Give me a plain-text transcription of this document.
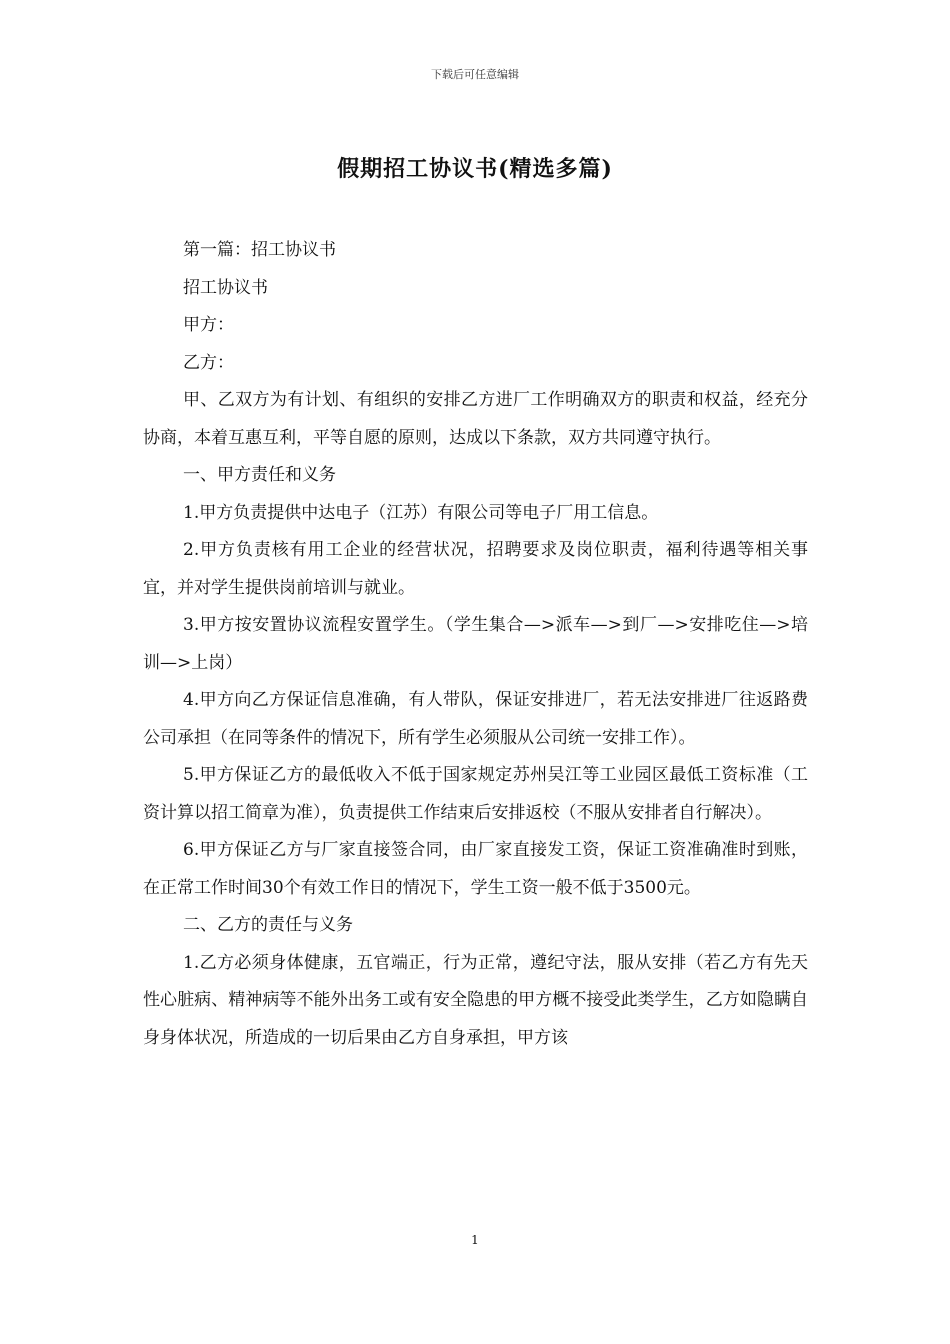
下载后可任意编辑
假期招工协议书(精选多篇)

第一篇：招工协议书

招工协议书

甲方：

乙方：

甲、乙双方为有计划、有组织的安排乙方进厂工作明确双方的职责和权益，经充分协商，本着互惠互利，平等自愿的原则，达成以下条款，双方共同遵守执行。

一、甲方责任和义务

1.甲方负责提供中达电子（江苏）有限公司等电子厂用工信息。

2.甲方负责核有用工企业的经营状况，招聘要求及岗位职责，福利待遇等相关事宜，并对学生提供岗前培训与就业。

3.甲方按安置协议流程安置学生。（学生集合—>派车—>到厂—>安排吃住—>培训—>上岗）

4.甲方向乙方保证信息准确，有人带队，保证安排进厂，若无法安排进厂往返路费公司承担（在同等条件的情况下，所有学生必须服从公司统一安排工作）。

5.甲方保证乙方的最低收入不低于国家规定苏州吴江等工业园区最低工资标准（工资计算以招工简章为准），负责提供工作结束后安排返校（不服从安排者自行解决）。

6.甲方保证乙方与厂家直接签合同，由厂家直接发工资，保证工资准确准时到账，在正常工作时间30个有效工作日的情况下，学生工资一般不低于3500元。

二、乙方的责任与义务

1.乙方必须身体健康，五官端正，行为正常，遵纪守法，服从安排（若乙方有先天性心脏病、精神病等不能外出务工或有安全隐患的甲方概不接受此类学生，乙方如隐瞒自身身体状况，所造成的一切后果由乙方自身承担，甲方该

1
